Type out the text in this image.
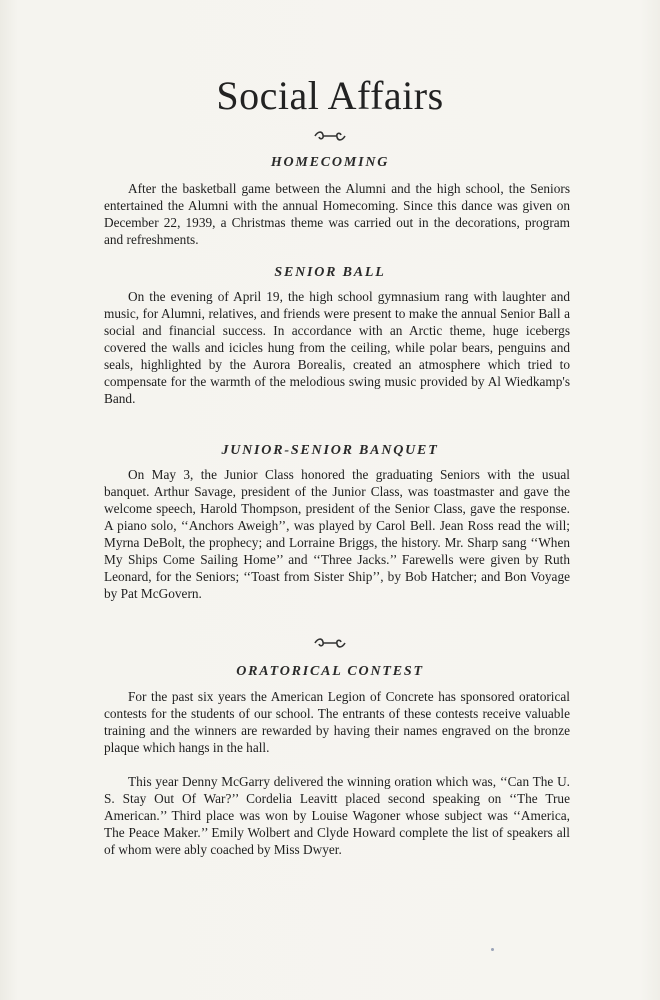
Social Affairs
HOMECOMING

After the basketball game between the Alumni and the high school, the Seniors entertained the Alumni with the annual Homecoming. Since this dance was given on December 22, 1939, a Christmas theme was carried out in the decorations, program and refreshments.

SENIOR BALL

On the evening of April 19, the high school gymnasium rang with laughter and music, for Alumni, relatives, and friends were present to make the annual Senior Ball a social and financial success. In accordance with an Arctic theme, huge icebergs covered the walls and icicles hung from the ceiling, while polar bears, penguins and seals, highlighted by the Aurora Borealis, created an atmosphere which tried to compensate for the warmth of the melodious swing music provided by Al Wiedkamp's Band.

JUNIOR-SENIOR BANQUET

On May 3, the Junior Class honored the graduating Seniors with the usual banquet. Arthur Savage, president of the Junior Class, was toastmaster and gave the welcome speech, Harold Thompson, president of the Senior Class, gave the response. A piano solo, ‘‘Anchors Aweigh’’, was played by Carol Bell. Jean Ross read the will; Myrna DeBolt, the prophecy; and Lorraine Briggs, the history. Mr. Sharp sang ‘‘When My Ships Come Sailing Home’’ and ‘‘Three Jacks.’’ Farewells were given by Ruth Leonard, for the Seniors; ‘‘Toast from Sister Ship’’, by Bob Hatcher; and Bon Voyage by Pat McGovern.

ORATORICAL CONTEST

For the past six years the American Legion of Concrete has sponsored oratorical contests for the students of our school. The entrants of these contests receive valuable training and the winners are rewarded by having their names engraved on the bronze plaque which hangs in the hall.

This year Denny McGarry delivered the winning oration which was, ‘‘Can The U. S. Stay Out Of War?’’ Cordelia Leavitt placed second speaking on ‘‘The True American.’’ Third place was won by Louise Wagoner whose subject was ‘‘America, The Peace Maker.’’ Emily Wolbert and Clyde Howard complete the list of speakers all of whom were ably coached by Miss Dwyer.
